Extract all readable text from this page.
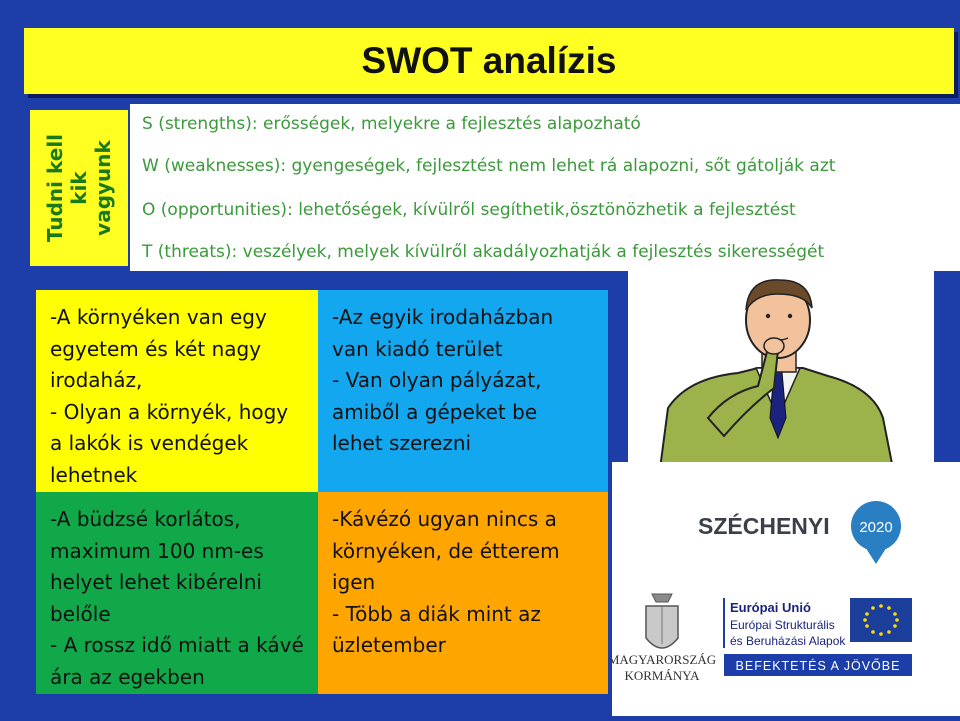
SWOT analízis
Tudni kell kik vagyunk
S (strengths): erősségek, melyekre a fejlesztés alapozható
W (weaknesses): gyengeségek, fejlesztést nem lehet rá alapozni, sőt gátolják azt
O (opportunities): lehetőségek, kívülről segíthetik,ösztönözhetik a fejlesztést
T (threats): veszélyek, melyek kívülről akadályozhatják a fejlesztés sikerességét

-A környéken van egy egyetem és két nagy irodaház,
- Olyan a környék, hogy a lakók is vendégek lehetnek

-Az egyik irodaházban van kiadó terület
- Van olyan pályázat, amiből a gépeket be lehet szerezni

-A büdzsé korlátos, maximum 100 nm-es helyet lehet kibérelni belőle
- A rossz idő miatt a kávé ára az egekben

-Kávézó ugyan nincs a környéken, de étterem igen
- Több a diák mint az üzletember

SZÉCHENYI 2020
MAGYARORSZÁG
KORMÁNYA
Európai Unió
Európai Strukturális
és Beruházási Alapok
BEFEKTETÉS A JÖVŐBE
